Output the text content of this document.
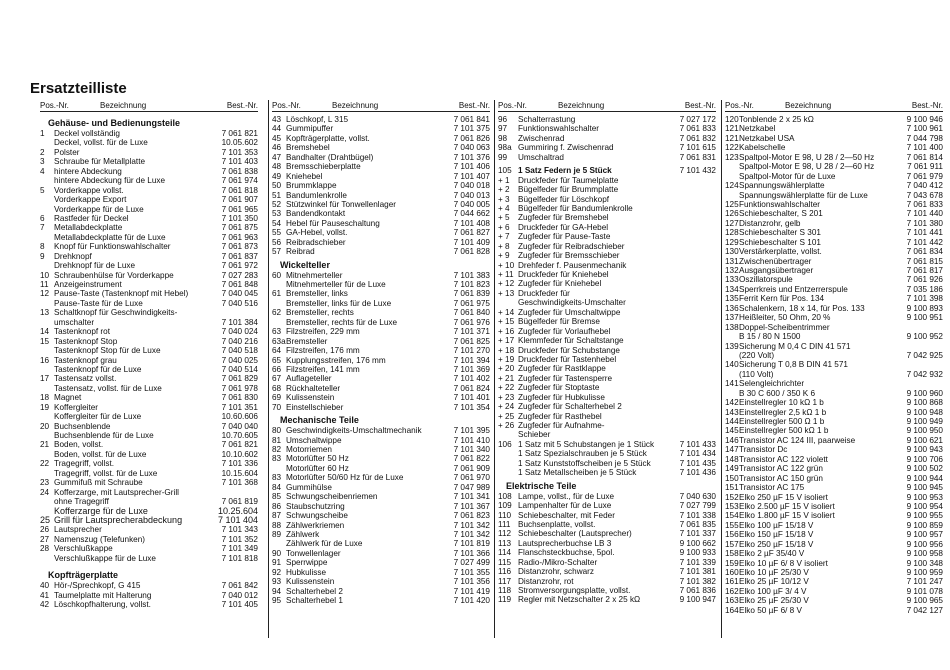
Ersatzteilliste
Pos.-Nr.	Bezeichnung	Best.-Nr.
Gehäuse- und Bedienungsteile
1 Deckel vollständig	7 061 821
Deckel, vollst. für de Luxe	10.05.602
2 Polster	7 101 353
3 Schraube für Metallplatte	7 101 403
4 hintere Abdeckung	7 061 838
hintere Abdeckung für de Luxe	7 061 974
5 Vorderkappe vollst.	7 061 818
Vorderkappe Export	7 061 907
Vorderkappe für de Luxe	7 061 965
6 Rastfeder für Deckel	7 101 350
7 Metallabdeckplatte	7 061 875
Metallabdeckplatte für de Luxe	7 061 963
8 Knopf für Funktionswahlschalter	7 061 873
9 Drehknopf	7 061 837
Drehknopf für de Luxe	7 061 972
10 Schraubenhülse für Vorderkappe	7 027 283
11 Anzeigeinstrument	7 061 848
12 Pause-Taste (Tastenknopf mit Hebel)	7 040 045
Pause-Taste für de Luxe	7 040 516
13 Schaltknopf für Geschwindigkeits-
umschalter	7 101 384
14 Tastenknopf rot	7 040 024
15 Tastenknopf Stop	7 040 216
Tastenknopf Stop für de Luxe	7 040 518
16 Tastenknopf grau	7 040 025
Tastenknopf für de Luxe	7 040 514
17 Tastensatz vollst.	7 061 829
Tastensatz, vollst. für de Luxe	7 061 978
18 Magnet	7 061 830
19 Koffergleiter	7 101 351
Koffergleiter für de Luxe	10.60.606
20 Buchsenblende	7 040 040
Buchsenblende für de Luxe	10.70.605
21 Boden, vollst.	7 061 821
Boden, vollst. für de Luxe	10.10.602
22 Tragegriff, vollst.	7 101 336
Tragegriff, vollst. für de Luxe	10.15.604
23 Gummifuß mit Schraube	7 101 368
24 Kofferzarge, mit Lautsprecher-Grill
ohne Tragegriff	7 061 819
Kofferzarge für de Luxe	10.25.604
25 Grill für Lautsprecherabdeckung	7 101 404
26 Lautsprecher	7 101 343
27 Namenszug (Telefunken)	7 101 352
28 Verschlußkappe	7 101 349
Verschlußkappe für de Luxe	7 101 818
Kopfträgerplatte
40 Hör-/Sprechkopf, G 415	7 061 842
41 Taumelplatte mit Halterung	7 040 012
42 Löschkopfhalterung, vollst.	7 101 405
Pos.-Nr.	Bezeichnung	Best.-Nr.
43 Löschkopf, L 315	7 061 841
44 Gummipuffer	7 101 375
45 Kopfträgerplatte, vollst.	7 061 826
46 Bremshebel	7 040 063
47 Bandhalter (Drahtbügel)	7 101 376
48 Bremsschieberplatte	7 101 406
49 Kniehebel	7 101 407
50 Brummklappe	7 040 018
51 Bandumlenkrolle	7 040 013
52 Stützwinkel für Tonwellenlager	7 040 005
53 Bandendkontakt	7 044 662
54 Hebel für Pauseschaltung	7 101 408
55 GA-Hebel, vollst.	7 061 827
56 Reibradschieber	7 101 409
57 Reibrad	7 061 828
Wickelteller
60 Mitnehmerteller	7 101 383
Mitnehmerteller für de Luxe	7 101 823
61 Bremsteller, links	7 061 839
Bremsteller, links für de Luxe	7 061 975
62 Bremsteller, rechts	7 061 840
Bremsteller, rechts für de Luxe	7 061 976
63 Filzstreifen, 229 mm	7 101 371
63a Bremsteller	7 061 825
64 Filzstreifen, 176 mm	7 101 270
65 Kupplungsstreifen, 176 mm	7 101 394
66 Filzstreifen, 141 mm	7 101 369
67 Auflageteller	7 101 402
68 Rückhalteteller	7 061 824
69 Kulissenstein	7 101 401
70 Einstellschieber	7 101 354
Mechanische Teile
80 Geschwindigkeits-Umschaltmechanik	7 101 395
81 Umschaltwippe	7 101 410
82 Motorriemen	7 101 340
83 Motorlüfter 50 Hz	7 061 822
Motorlüfter 60 Hz	7 061 909
83 Motorlüfter 50/60 Hz für de Luxe	7 061 970
84 Gummihülse	7 047 989
85 Schwungscheibenriemen	7 101 341
86 Staubschutzring	7 101 367
87 Schwungscheibe	7 061 823
88 Zählwerkriemen	7 101 342
89 Zählwerk	7 101 342
Zählwerk für de Luxe	7 101 819
90 Tonwellenlager	7 101 366
91 Sperrwippe	7 027 499
92 Hubkulisse	7 101 355
93 Kulissenstein	7 101 356
94 Schalterhebel 2	7 101 419
95 Schalterhebel 1	7 101 420
Pos.-Nr.	Bezeichnung	Best.-Nr.
96 Schalterrastung	7 027 172
97 Funktionswahlschalter	7 061 833
98 Zwischenrad	7 061 832
98a Gummiring f. Zwischenrad	7 101 615
99 Umschaltrad	7 061 831
105 1 Satz Federn je 5 Stück	7 101 432
+ 1 Druckfeder für Taumelplatte
+ 2 Bügelfeder für Brummplatte
+ 3 Bügelfeder für Löschkopf
+ 4 Bügelfeder für Bandumlenkrolle
+ 5 Zugfeder für Bremshebel
+ 6 Druckfeder für GA-Hebel
+ 7 Zugfeder für Pause-Taste
+ 8 Zugfeder für Reibradschieber
+ 9 Zugfeder für Bremsschieber
+ 10 Drehfeder f. Pausenmechanik
+ 11 Druckfeder für Kniehebel
+ 12 Zugfeder für Kniehebel
+ 13 Druckfeder für
Geschwindigkeits-Umschalter
+ 14 Zugfeder für Umschaltwippe
+ 15 Bügelfeder für Bremse
+ 16 Zugfeder für Vorlaufhebel
+ 17 Klemmfeder für Schaltstange
+ 18 Druckfeder für Schubstange
+ 19 Druckfeder für Tastenhebel
+ 20 Zugfeder für Rastklappe
+ 21 Zugfeder für Tastensperre
+ 22 Zugfeder für Stoptaste
+ 23 Zugfeder für Hubkulisse
+ 24 Zugfeder für Schalterhebel 2
+ 25 Zugfeder für Rasthebel
+ 26 Zugfeder für Aufnahme-
Schieber
106 1 Satz mit 5 Schubstangen je 1 Stück	7 101 433
1 Satz Spezialschrauben je 5 Stück	7 101 434
1 Satz Kunststoffscheiben je 5 Stück	7 101 435
1 Satz Metallscheiben je 5 Stück	7 101 436
Elektrische Teile
108 Lampe, vollst., für de Luxe	7 040 630
109 Lampenhalter für de Luxe	7 027 799
110 Schiebeschalter, mit Feder	7 101 338
111 Buchsenplatte, vollst.	7 061 835
112 Schiebeschalter (Lautsprecher)	7 101 337
113 Lautsprecherbuchse LB 3	9 100 662
114 Flanschsteckbuchse, 5pol.	9 100 933
115 Radio-/Mikro-Schalter	7 101 339
116 Distanzrohr, schwarz	7 101 381
117 Distanzrohr, rot	7 101 382
118 Stromversorgungsplatte, vollst.	7 061 836
119 Regler mit Netzschalter 2 x 25 kΩ	9 100 947
Pos.-Nr.	Bezeichnung	Best.-Nr.
120 Tonblende 2 x 25 kΩ	9 100 946
121 Netzkabel	7 100 961
121 Netzkabel USA	7 044 798
122 Kabelschelle	7 101 400
123 Spaltpol-Motor E 98, U 28 / 2—50 Hz	7 061 814
Spaltpol-Motor E 98, U 28 / 2—60 Hz	7 061 911
Spaltpol-Motor für de Luxe	7 061 979
124 Spannungswählerplatte	7 040 412
Spannungswählerplatte für de Luxe	7 043 678
125 Funktionswahlschalter	7 061 833
126 Schiebeschalter, S 201	7 101 440
127 Distanzrohr, gelb	7 101 380
128 Schiebeschalter S 301	7 101 441
129 Schiebeschalter S 101	7 101 442
130 Verstärkerplatte, vollst.	7 061 834
131 Zwischenübertrager	7 061 815
132 Ausgangsübertrager	7 061 817
133 Oszillatorspule	7 061 926
134 Sperrkreis und Entzerrerspule	7 035 186
135 Ferrit Kern für Pos. 134	7 101 398
136 Schalenkern, 18 x 14, für Pos. 133	9 100 893
137 Heißleiter, 50 Ohm, 20 %	9 100 951
138 Doppel-Scheibentrimmer
B 15 / 80 N 1500	9 100 952
139 Sicherung M 0,4 C DIN 41 571
(220 Volt)	7 042 925
140 Sicherung T 0,8 B DIN 41 571
(110 Volt)	7 042 932
141 Selengleichrichter
B 30 C 600 / 350 K 6	9 100 960
142 Einstellregler 10 kΩ 1 b	9 100 868
143 Einstellregler 2,5 kΩ 1 b	9 100 948
144 Einstellregler 500 Ω 1 b	9 100 949
145 Einstellregler 500 kΩ 1 b	9 100 950
146 Transistor AC 124 III, paarweise	9 100 621
147 Transistor Dc	9 100 943
148 Transistor AC 122 violett	9 100 706
149 Transistor AC 122 grün	9 100 502
150 Transistor AC 150 grün	9 100 944
151 Transistor AC 175	9 100 945
152 Elko 250 µF 15 V isoliert	9 100 953
153 Elko 2.500 µF 15 V isoliert	9 100 954
154 Elko 1.800 µF 15 V isoliert	9 100 955
155 Elko 100 µF 15/18 V	9 100 859
156 Elko 150 µF 15/18 V	9 100 957
157 Elko 250 µF 15/18 V	9 100 956
158 Elko 2 µF 35/40 V	9 100 958
159 Elko 10 µF 6/ 8 V isoliert	9 100 348
160 Elko 10 µF 25/30 V	9 100 959
161 Elko 25 µF 10/12 V	7 101 247
162 Elko 100 µF 3/ 4 V	9 101 078
163 Elko 25 µF 25/30 V	9 100 965
164 Elko 50 µF 6/ 8 V	7 042 127
